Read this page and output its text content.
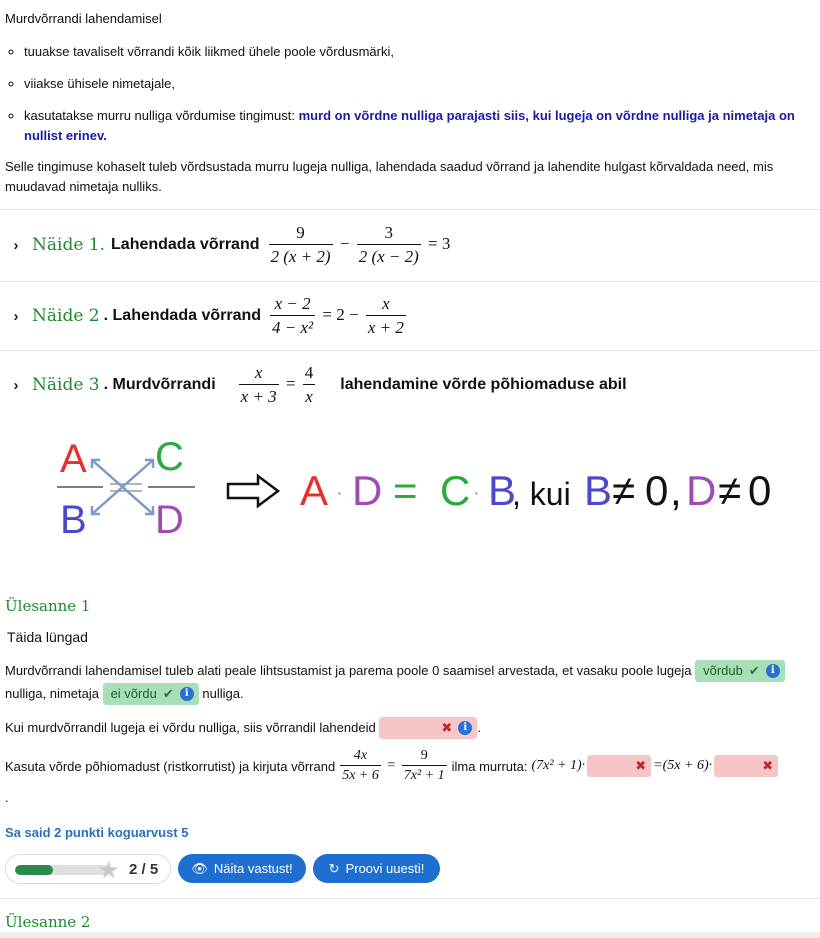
Murdvõrrandi lahendamisel
◦ tuuakse tavaliselt võrrandi kõik liikmed ühele poole võrdusmärki,
◦ viiakse ühisele nimetajale,
◦ kasutatakse murru nulliga võrdumise tingimust: murd on võrdne nulliga parajasti siis, kui lugeja on võrdne nulliga ja nimetaja on nullist erinev.
Selle tingimuse kohaselt tuleb võrdsustada murru lugeja nulliga, lahendada saadud võrrand ja lahendite hulgast kõrvaldada need, mis muudavad nimetaja nulliks.
› Näide 1. Lahendada võrrand $\frac{9}{2 (x + 2)} - \frac{3}{2 (x - 2)} = 3$
› Näide 2 . Lahendada võrrand $\frac{x - 2}{\text{4 − x²}} = 2 - \frac{x}{x + 2}$
› Näide 3 . Murdvõrrandi $\frac{x}{x + 3} = \frac{4}{x}$ lahendamine võrde põhiomaduse abil
A
B
C
D
A · D = C · B
, kui B ≠ 0 , D ≠ 0
Ülesanne 1
Täida lüngad
Murdvõrrandi lahendamisel tuleb alati peale lihtsustamist ja parema poole 0 saamisel arvestada, et vasaku poole lugeja võrdub ✔	i

nulliga, nimetaja ei võrdu ✔	i	nulliga.
Kui murdvõrrandil lugeja ei võrdu nulliga, siis võrrandil lahendeid	✖	i .
Kasuta võrde põhiomadust (ristkorrutist) ja kirjuta võrrand $\frac{4x}{5x + 6} = \frac{9}{\text{7x² + 1}}$ ilma murruta: (7x² + 1)·	✖ =(5x + 6)·	✖
.
Sa said 2 punkti koguarvust 5
★ 2 / 5	👁 Näita vastust!	↻ Proovi uuesti!
Ülesanne 2
